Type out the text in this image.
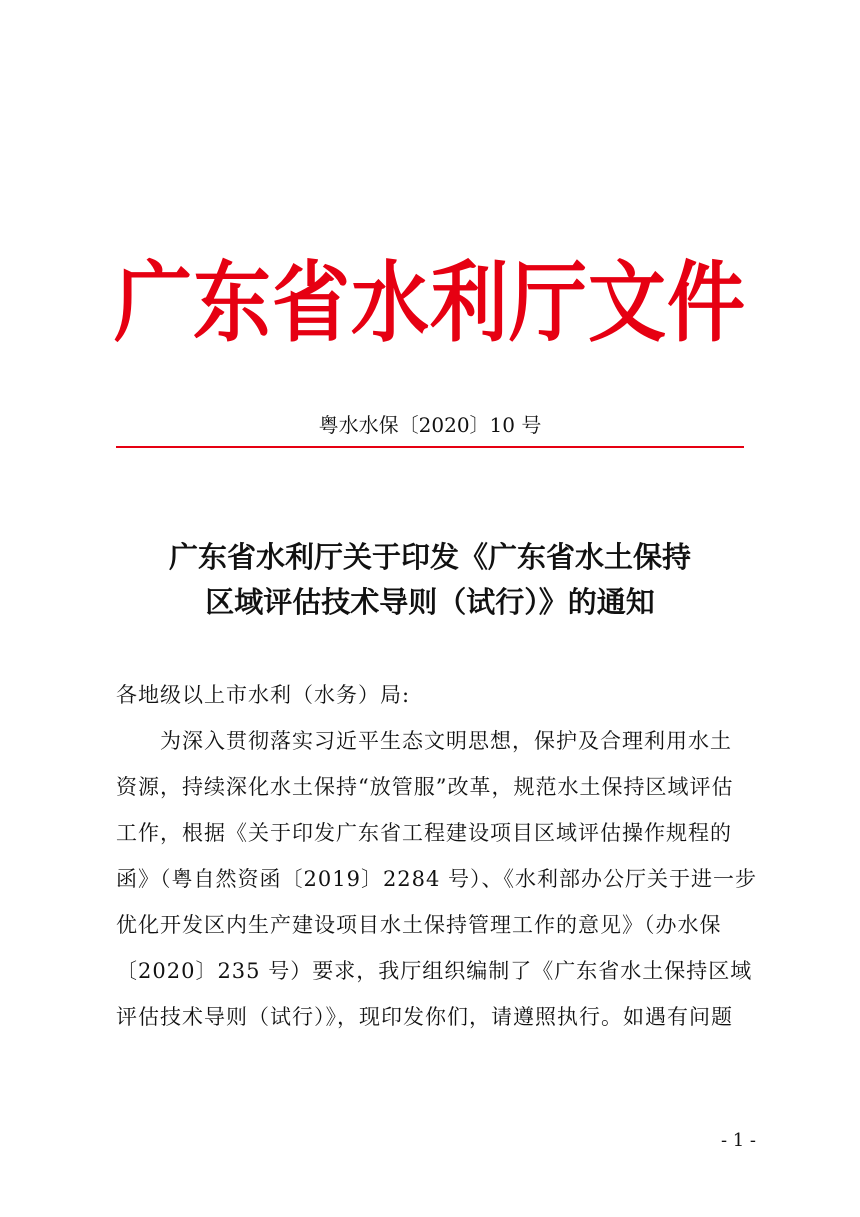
广东省水利厅文件
粤水水保〔2020〕10 号
广东省水利厅关于印发《广东省水土保持
区域评估技术导则（试行）》的通知
各地级以上市水利（水务）局:
为深入贯彻落实习近平生态文明思想，保护及合理利用水土
资源，持续深化水土保持“放管服”改革，规范水土保持区域评估
工作，根据《关于印发广东省工程建设项目区域评估操作规程的
函》（粤自然资函〔2019〕2284 号）、《水利部办公厅关于进一步
优化开发区内生产建设项目水土保持管理工作的意见》（办水保
〔2020〕235 号）要求，我厅组织编制了《广东省水土保持区域
评估技术导则（试行）》，现印发你们，请遵照执行。如遇有问题
- 1 -
